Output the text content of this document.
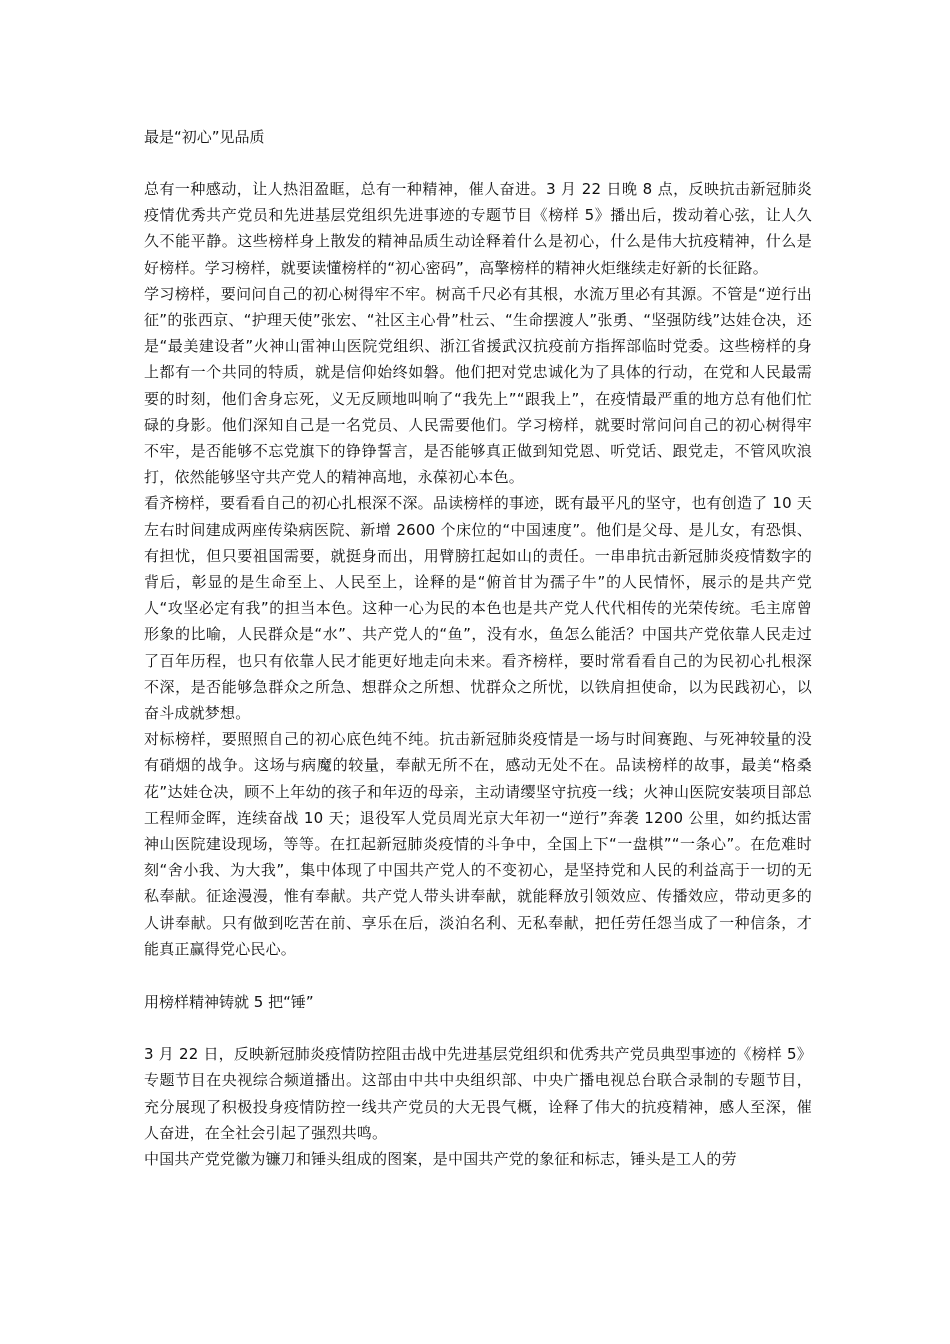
最是“初心”见品质

总有一种感动，让人热泪盈眶，总有一种精神，催人奋进。3 月 22 日晚 8 点，反映抗击新冠肺炎疫情优秀共产党员和先进基层党组织先进事迹的专题节目《榜样 5》播出后，拨动着心弦，让人久久不能平静。这些榜样身上散发的精神品质生动诠释着什么是初心，什么是伟大抗疫精神，什么是好榜样。学习榜样，就要读懂榜样的“初心密码”，高擎榜样的精神火炬继续走好新的长征路。

学习榜样，要问问自己的初心树得牢不牢。树高千尺必有其根，水流万里必有其源。不管是“逆行出征”的张西京、“护理天使”张宏、“社区主心骨”杜云、“生命摆渡人”张勇、“坚强防线”达娃仓决，还是“最美建设者”火神山雷神山医院党组织、浙江省援武汉抗疫前方指挥部临时党委。这些榜样的身上都有一个共同的特质，就是信仰始终如磐。他们把对党忠诚化为了具体的行动，在党和人民最需要的时刻，他们舍身忘死，义无反顾地叫响了“我先上”“跟我上”，在疫情最严重的地方总有他们忙碌的身影。他们深知自己是一名党员、人民需要他们。学习榜样，就要时常问问自己的初心树得牢不牢，是否能够不忘党旗下的铮铮誓言，是否能够真正做到知党恩、听党话、跟党走，不管风吹浪打，依然能够坚守共产党人的精神高地，永葆初心本色。

看齐榜样，要看看自己的初心扎根深不深。品读榜样的事迹，既有最平凡的坚守，也有创造了 10 天左右时间建成两座传染病医院、新增 2600 个床位的“中国速度”。他们是父母、是儿女，有恐惧、有担忧，但只要祖国需要，就挺身而出，用臂膀扛起如山的责任。一串串抗击新冠肺炎疫情数字的背后，彰显的是生命至上、人民至上，诠释的是“俯首甘为孺子牛”的人民情怀，展示的是共产党人“攻坚必定有我”的担当本色。这种一心为民的本色也是共产党人代代相传的光荣传统。毛主席曾形象的比喻，人民群众是“水”、共产党人的“鱼”，没有水，鱼怎么能活？中国共产党依靠人民走过了百年历程，也只有依靠人民才能更好地走向未来。看齐榜样，要时常看看自己的为民初心扎根深不深，是否能够急群众之所急、想群众之所想、忧群众之所忧，以铁肩担使命，以为民践初心，以奋斗成就梦想。

对标榜样，要照照自己的初心底色纯不纯。抗击新冠肺炎疫情是一场与时间赛跑、与死神较量的没有硝烟的战争。这场与病魔的较量，奉献无所不在，感动无处不在。品读榜样的故事，最美“格桑花”达娃仓决，顾不上年幼的孩子和年迈的母亲，主动请缨坚守抗疫一线；火神山医院安装项目部总工程师金晖，连续奋战 10 天；退役军人党员周光京大年初一“逆行”奔袭 1200 公里，如约抵达雷神山医院建设现场，等等。在扛起新冠肺炎疫情的斗争中，全国上下“一盘棋”“一条心”。在危难时刻“舍小我、为大我”，集中体现了中国共产党人的不变初心，是坚持党和人民的利益高于一切的无私奉献。征途漫漫，惟有奉献。共产党人带头讲奉献，就能释放引领效应、传播效应，带动更多的人讲奉献。只有做到吃苦在前、享乐在后，淡泊名利、无私奉献，把任劳任怨当成了一种信条，才能真正赢得党心民心。

用榜样精神铸就 5 把“锤”

3 月 22 日，反映新冠肺炎疫情防控阻击战中先进基层党组织和优秀共产党员典型事迹的《榜样 5》专题节目在央视综合频道播出。这部由中共中央组织部、中央广播电视总台联合录制的专题节目，充分展现了积极投身疫情防控一线共产党员的大无畏气概，诠释了伟大的抗疫精神，感人至深，催人奋进，在全社会引起了强烈共鸣。

中国共产党党徽为镰刀和锤头组成的图案，是中国共产党的象征和标志，锤头是工人的劳
